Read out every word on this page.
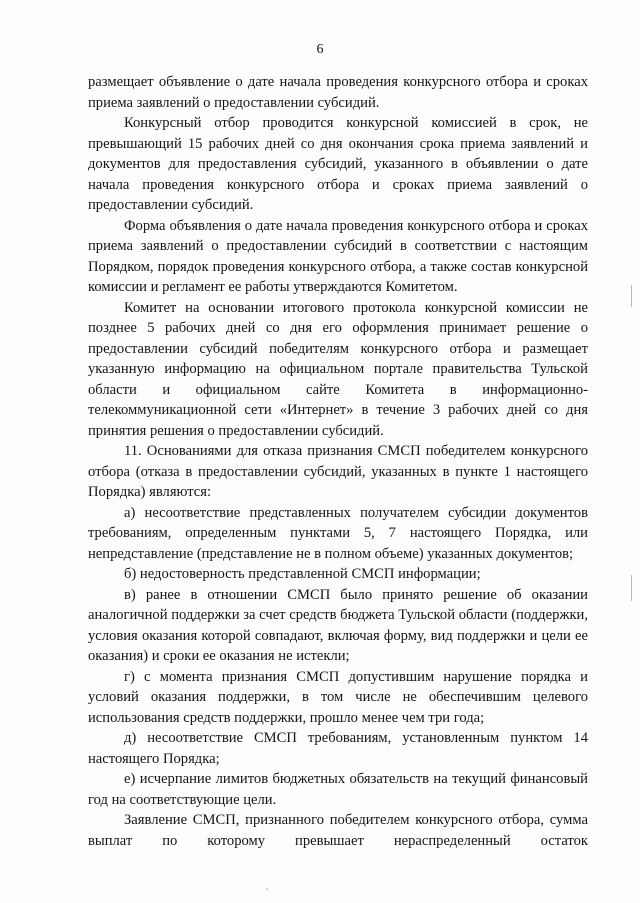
6

размещает объявление о дате начала проведения конкурсного отбора и сроках приема заявлений о предоставлении субсидий.

Конкурсный отбор проводится конкурсной комиссией в срок, не превышающий 15 рабочих дней со дня окончания срока приема заявлений и документов для предоставления субсидий, указанного в объявлении о дате начала проведения конкурсного отбора и сроках приема заявлений о предоставлении субсидий.

Форма объявления о дате начала проведения конкурсного отбора и сроках приема заявлений о предоставлении субсидий в соответствии с настоящим Порядком, порядок проведения конкурсного отбора, а также состав конкурсной комиссии и регламент ее работы утверждаются Комитетом.

Комитет на основании итогового протокола конкурсной комиссии не позднее 5 рабочих дней со дня его оформления принимает решение о предоставлении субсидий победителям конкурсного отбора и размещает указанную информацию на официальном портале правительства Тульской области и официальном сайте Комитета в информационно-телекоммуникационной сети «Интернет» в течение 3 рабочих дней со дня принятия решения о предоставлении субсидий.

11. Основаниями для отказа признания СМСП победителем конкурсного отбора (отказа в предоставлении субсидий, указанных в пункте 1 настоящего Порядка) являются:

а) несоответствие представленных получателем субсидии документов требованиям, определенным пунктами 5, 7 настоящего Порядка, или непредставление (представление не в полном объеме) указанных документов;

б) недостоверность представленной СМСП информации;

в) ранее в отношении СМСП было принято решение об оказании аналогичной поддержки за счет средств бюджета Тульской области (поддержки, условия оказания которой совпадают, включая форму, вид поддержки и цели ее оказания) и сроки ее оказания не истекли;

г) с момента признания СМСП допустившим нарушение порядка и условий оказания поддержки, в том числе не обеспечившим целевого использования средств поддержки, прошло менее чем три года;

д) несоответствие СМСП требованиям, установленным пунктом 14 настоящего Порядка;

е) исчерпание лимитов бюджетных обязательств на текущий финансовый год на соответствующие цели.

Заявление СМСП, признанного победителем конкурсного отбора, сумма выплат по которому превышает нераспределенный остаток
